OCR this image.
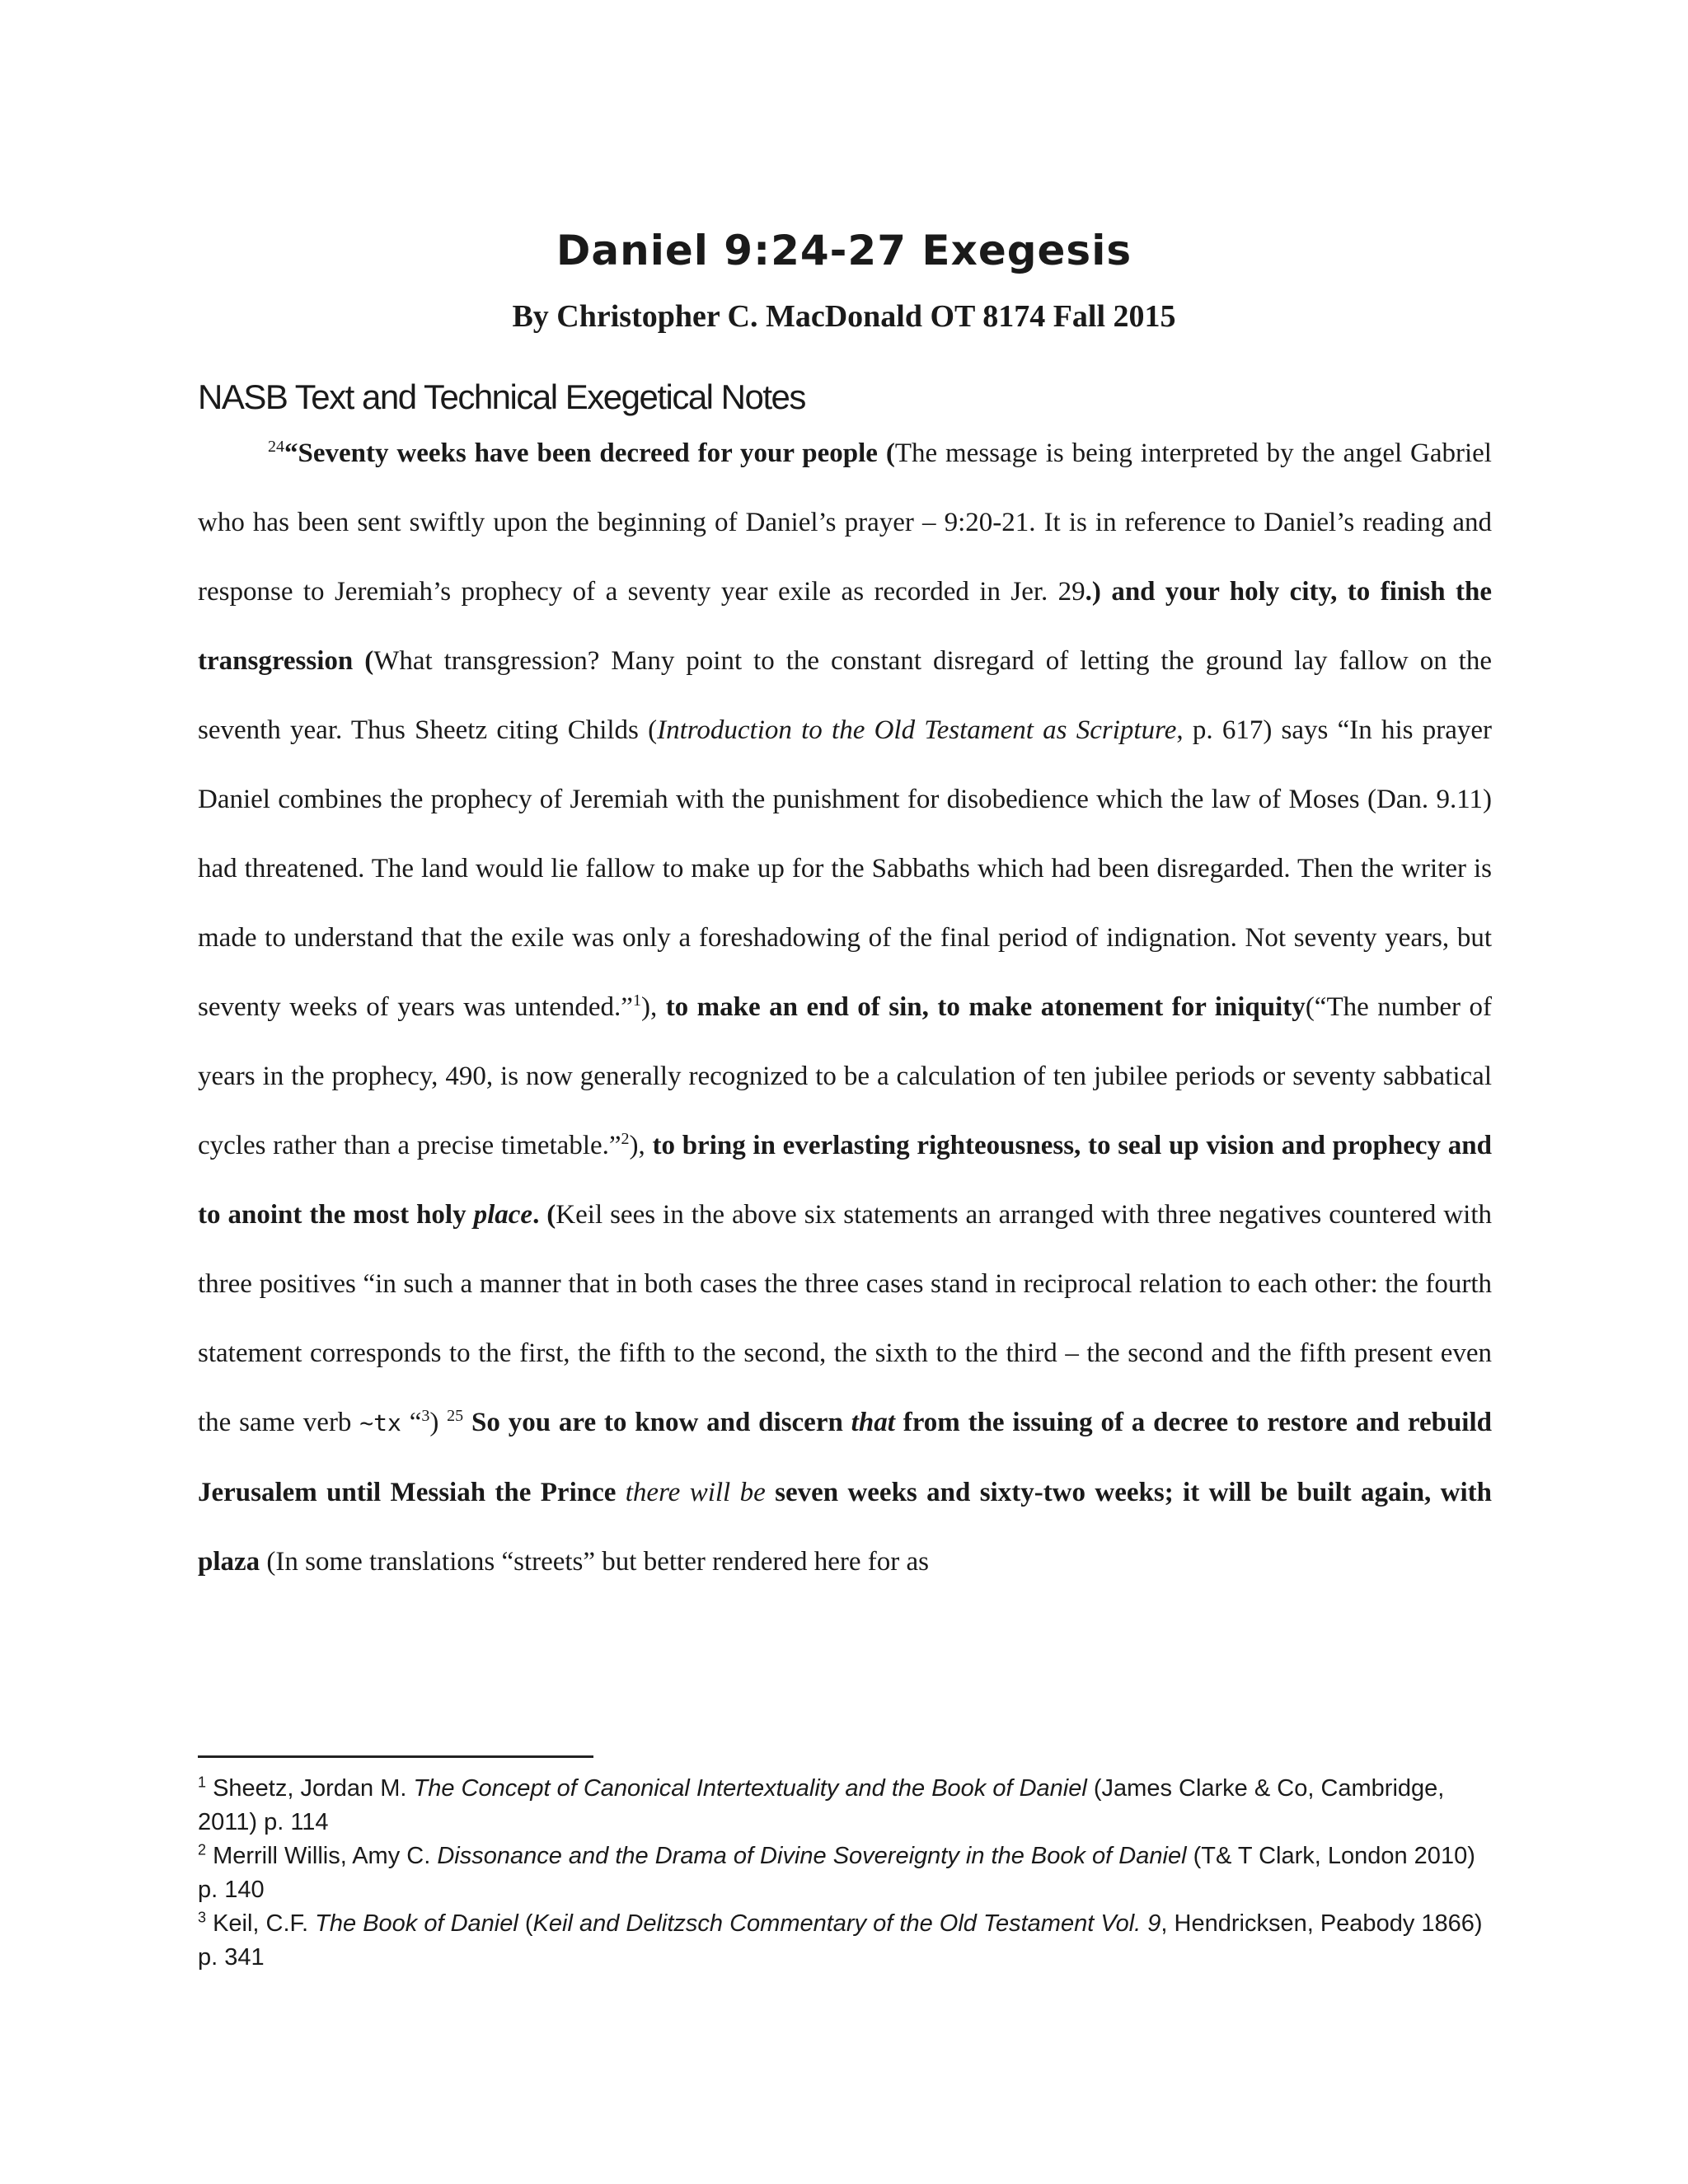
Daniel 9:24-27 Exegesis

By Christopher C. MacDonald OT 8174 Fall 2015

NASB Text and Technical Exegetical Notes

$^{24}$“Seventy weeks have been decreed for your people (The message is being interpreted by the angel Gabriel who has been sent swiftly upon the beginning of Daniel’s prayer – 9:20-21. It is in reference to Daniel’s reading and response to Jeremiah’s prophecy of a seventy year exile as recorded in Jer. 29.) and your holy city, to finish the transgression (What transgression? Many point to the constant disregard of letting the ground lay fallow on the seventh year. Thus Sheetz citing Childs (Introduction to the Old Testament as Scripture, p. 617) says “In his prayer Daniel combines the prophecy of Jeremiah with the punishment for disobedience which the law of Moses (Dan. 9.11) had threatened. The land would lie fallow to make up for the Sabbaths which had been disregarded. Then the writer is made to understand that the exile was only a foreshadowing of the final period of indignation. Not seventy years, but seventy weeks of years was untended.”$^1$), to make an end of sin, to make atonement for iniquity(“The number of years in the prophecy, 490, is now generally recognized to be a calculation of ten jubilee periods or seventy sabbatical cycles rather than a precise timetable.”$^2$), to bring in everlasting righteousness, to seal up vision and prophecy and to anoint the most holy place. (Keil sees in the above six statements an arranged with three negatives countered with three positives “in such a manner that in both cases the three cases stand in reciprocal relation to each other: the fourth statement corresponds to the first, the fifth to the second, the sixth to the third – the second and the fifth present even the same verb ~tx “$^3$) $^{25}$ So you are to know and discern that from the issuing of a decree to restore and rebuild Jerusalem until Messiah the Prince there will be seven weeks and sixty-two weeks; it will be built again, with plaza (In some translations “streets” but better rendered here for as

$^1$ Sheetz, Jordan M. The Concept of Canonical Intertextuality and the Book of Daniel (James Clarke & Co, Cambridge, 2011) p. 114

$^2$ Merrill Willis, Amy C. Dissonance and the Drama of Divine Sovereignty in the Book of Daniel (T& T Clark, London 2010) p. 140

$^3$ Keil, C.F. The Book of Daniel (Keil and Delitzsch Commentary of the Old Testament Vol. 9, Hendricksen, Peabody 1866) p. 341
